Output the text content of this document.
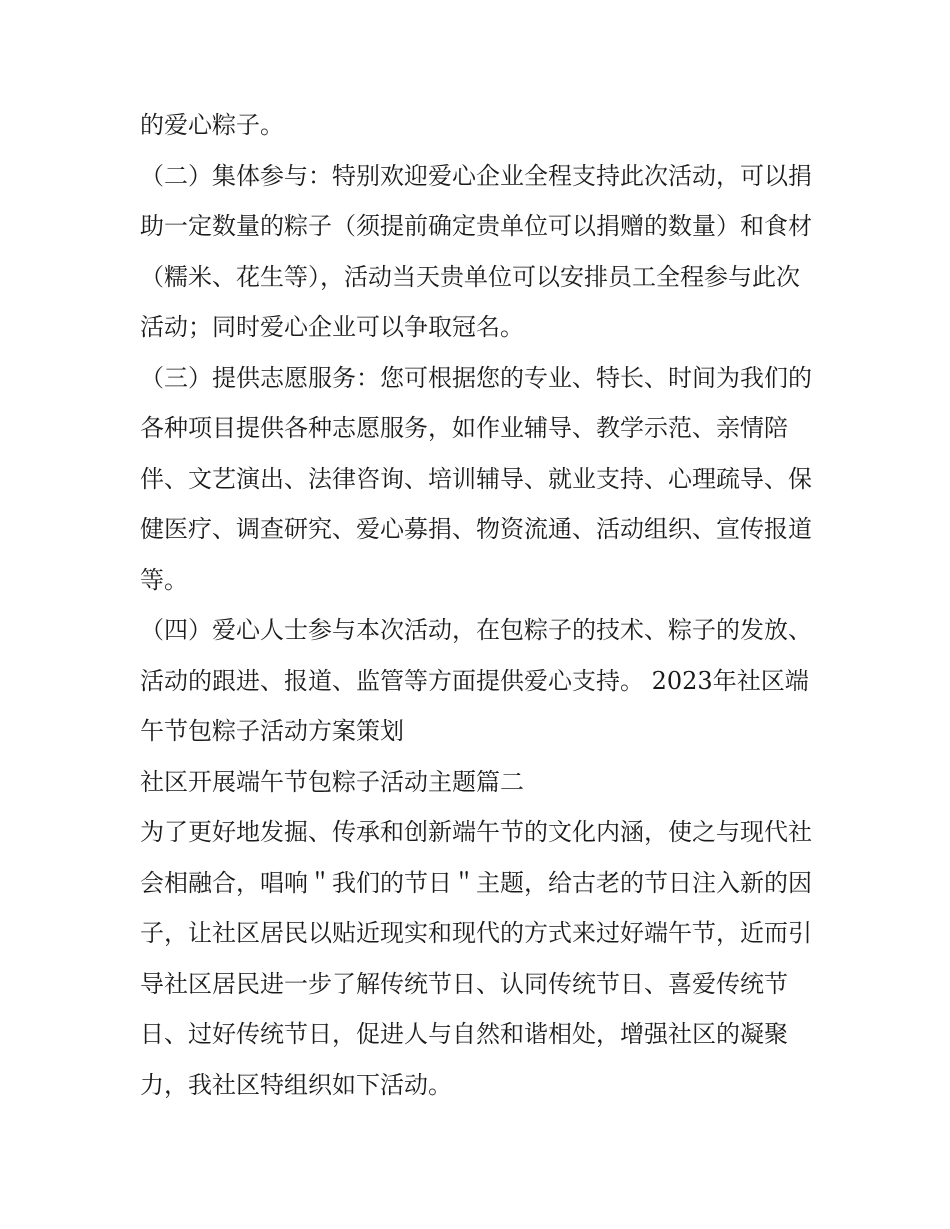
的爱心粽子。

（二）集体参与：特别欢迎爱心企业全程支持此次活动，可以捐助一定数量的粽子（须提前确定贵单位可以捐赠的数量）和食材（糯米、花生等），活动当天贵单位可以安排员工全程参与此次活动；同时爱心企业可以争取冠名。

（三）提供志愿服务：您可根据您的专业、特长、时间为我们的各种项目提供各种志愿服务，如作业辅导、教学示范、亲情陪伴、文艺演出、法律咨询、培训辅导、就业支持、心理疏导、保健医疗、调查研究、爱心募捐、物资流通、活动组织、宣传报道等。

（四）爱心人士参与本次活动，在包粽子的技术、粽子的发放、活动的跟进、报道、监管等方面提供爱心支持。 2023年社区端午节包粽子活动方案策划

社区开展端午节包粽子活动主题篇二

为了更好地发掘、传承和创新端午节的文化内涵，使之与现代社会相融合，唱响＂我们的节日＂主题，给古老的节日注入新的因子，让社区居民以贴近现实和现代的方式来过好端午节，近而引导社区居民进一步了解传统节日、认同传统节日、喜爱传统节日、过好传统节日，促进人与自然和谐相处，增强社区的凝聚力，我社区特组织如下活动。
